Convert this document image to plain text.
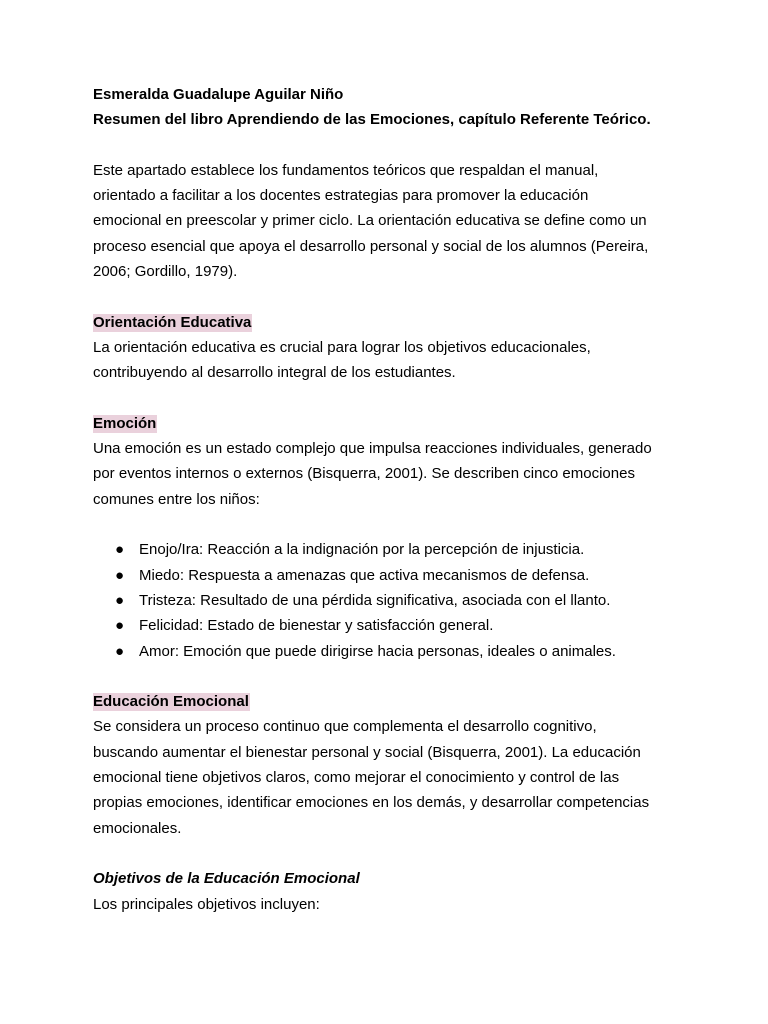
Esmeralda Guadalupe Aguilar Niño
Resumen del libro Aprendiendo de las Emociones, capítulo Referente Teórico.
Este apartado establece los fundamentos teóricos que respaldan el manual,
orientado a facilitar a los docentes estrategias para promover la educación
emocional en preescolar y primer ciclo. La orientación educativa se define como un
proceso esencial que apoya el desarrollo personal y social de los alumnos (Pereira,
2006; Gordillo, 1979).
Orientación Educativa
La orientación educativa es crucial para lograr los objetivos educacionales,
contribuyendo al desarrollo integral de los estudiantes.
Emoción
Una emoción es un estado complejo que impulsa reacciones individuales, generado
por eventos internos o externos (Bisquerra, 2001). Se describen cinco emociones
comunes entre los niños:
● Enojo/Ira: Reacción a la indignación por la percepción de injusticia.
● Miedo: Respuesta a amenazas que activa mecanismos de defensa.
● Tristeza: Resultado de una pérdida significativa, asociada con el llanto.
● Felicidad: Estado de bienestar y satisfacción general.
● Amor: Emoción que puede dirigirse hacia personas, ideales o animales.
Educación Emocional
Se considera un proceso continuo que complementa el desarrollo cognitivo,
buscando aumentar el bienestar personal y social (Bisquerra, 2001). La educación
emocional tiene objetivos claros, como mejorar el conocimiento y control de las
propias emociones, identificar emociones en los demás, y desarrollar competencias
emocionales.
Objetivos de la Educación Emocional
Los principales objetivos incluyen:
